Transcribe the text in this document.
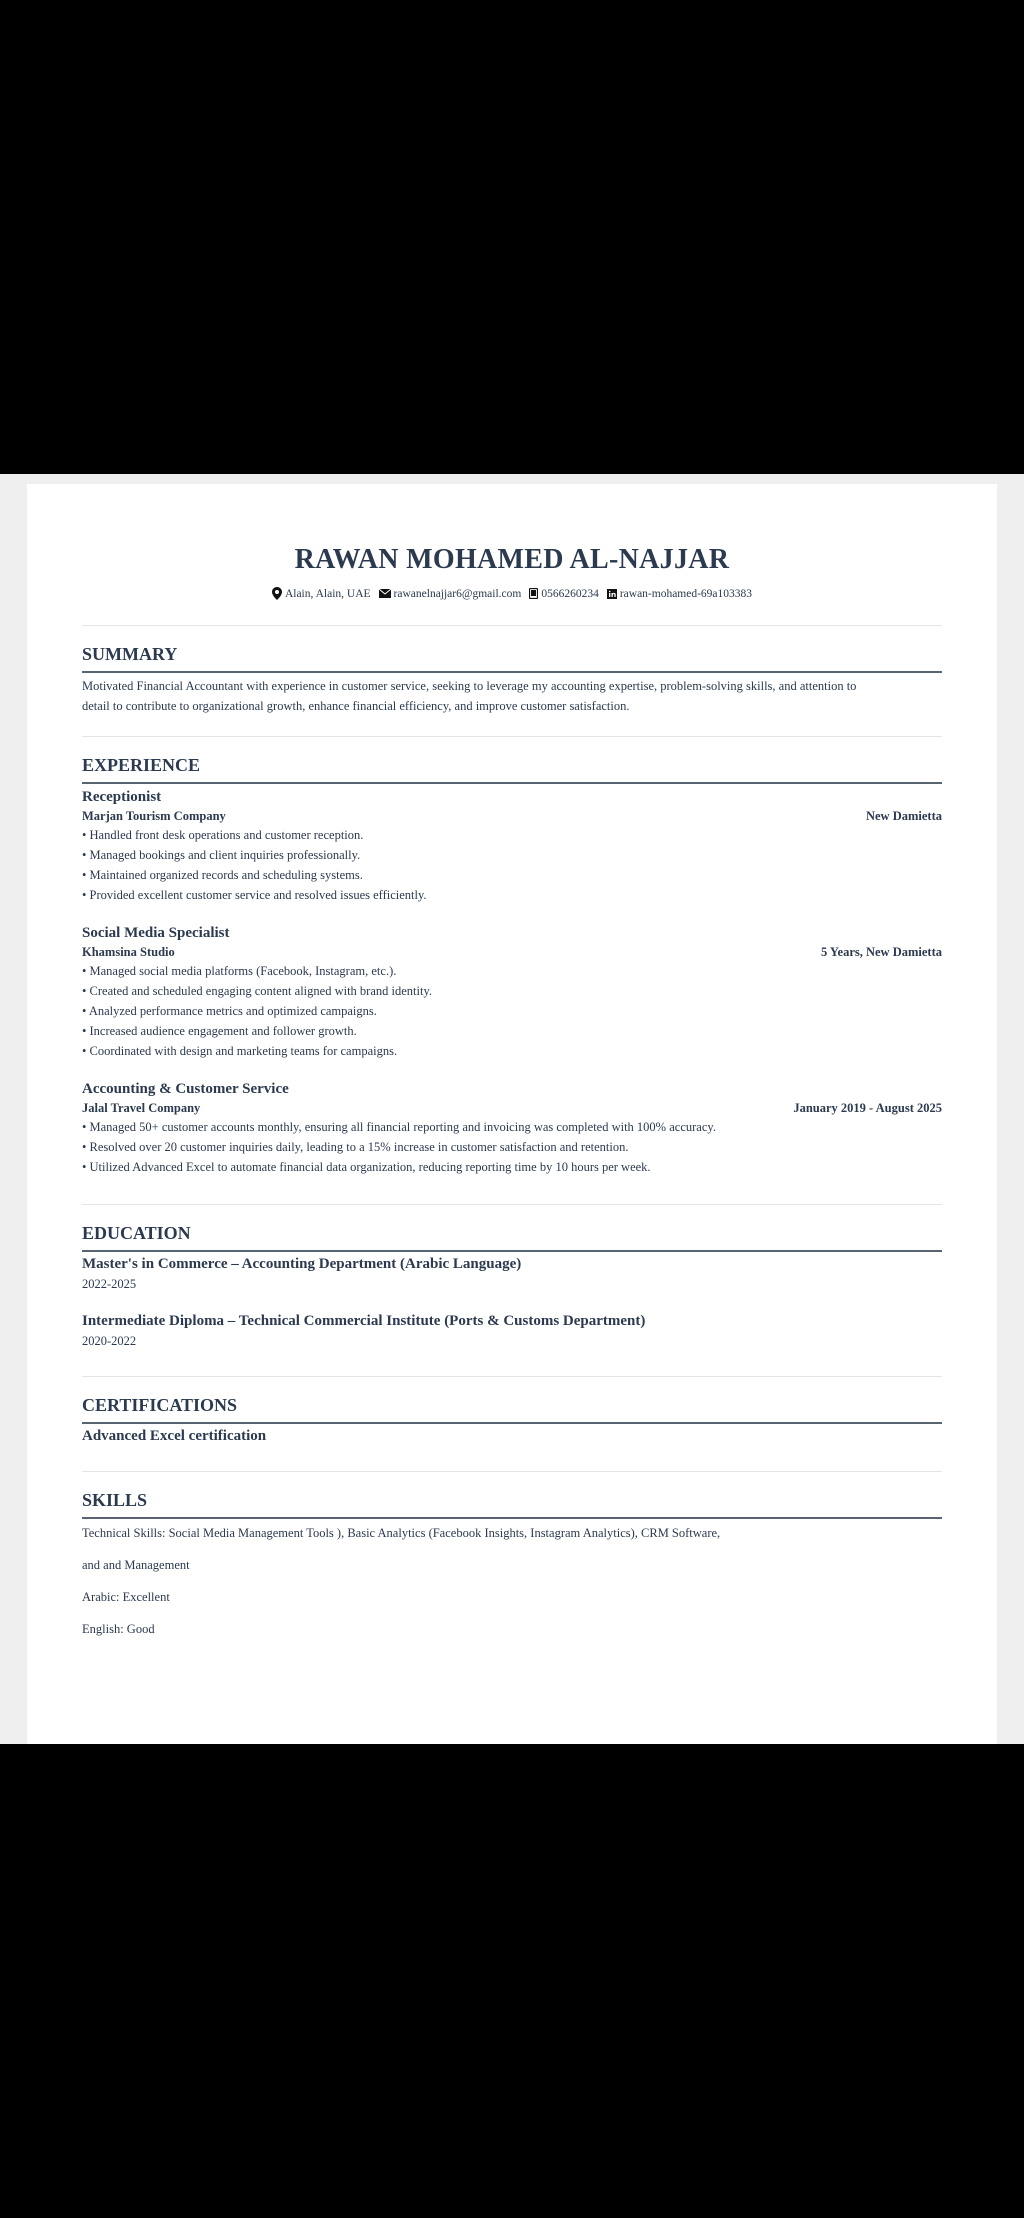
RAWAN MOHAMED AL-NAJJAR
Alain, Alain, UAE rawanelnajjar6@gmail.com 0566260234 rawan-mohamed-69a103383
SUMMARY
Motivated Financial Accountant with experience in customer service, seeking to leverage my accounting expertise, problem-solving skills, and attention to
detail to contribute to organizational growth, enhance financial efficiency, and improve customer satisfaction.
EXPERIENCE
Receptionist
Marjan Tourism Company	New Damietta
• Handled front desk operations and customer reception.
• Managed bookings and client inquiries professionally.
• Maintained organized records and scheduling systems.
• Provided excellent customer service and resolved issues efficiently.
Social Media Specialist
Khamsina Studio	5 Years, New Damietta
• Managed social media platforms (Facebook, Instagram, etc.).
• Created and scheduled engaging content aligned with brand identity.
• Analyzed performance metrics and optimized campaigns.
• Increased audience engagement and follower growth.
• Coordinated with design and marketing teams for campaigns.
Accounting & Customer Service
Jalal Travel Company	January 2019 - August 2025
• Managed 50+ customer accounts monthly, ensuring all financial reporting and invoicing was completed with 100% accuracy.
• Resolved over 20 customer inquiries daily, leading to a 15% increase in customer satisfaction and retention.
• Utilized Advanced Excel to automate financial data organization, reducing reporting time by 10 hours per week.
EDUCATION
Master's in Commerce – Accounting Department (Arabic Language)
2022-2025
Intermediate Diploma – Technical Commercial Institute (Ports & Customs Department)
2020-2022
CERTIFICATIONS
Advanced Excel certification
SKILLS
Technical Skills: Social Media Management Tools ), Basic Analytics (Facebook Insights, Instagram Analytics), CRM Software,
and and Management
Arabic: Excellent
English: Good
